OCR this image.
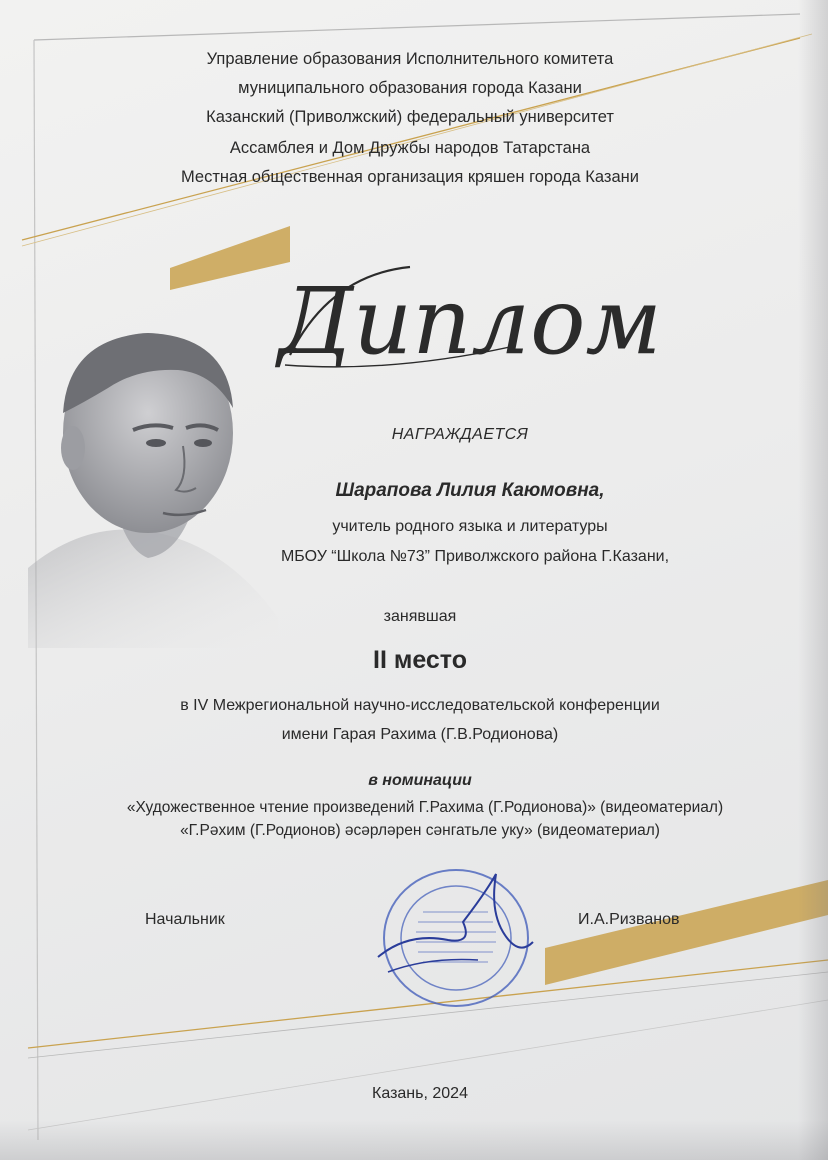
Управление образования Исполнительного комитета
муниципального образования города Казани
Казанский (Приволжский) федеральный университет
Ассамблея и Дом Дружбы народов Татарстана
Местная общественная организация кряшен города Казани
Диплом
НАГРАЖДАЕТСЯ
Шарапова Лилия Каюмовна,
учитель родного языка и литературы
МБОУ “Школа №73” Приволжского района Г.Казани,
занявшая
II место
в IV Межрегиональной научно-исследовательской конференции
имени Гарая Рахима (Г.В.Родионова)
в номинации
«Художественное чтение произведений Г.Рахима (Г.Родионова)» (видеоматериал)
«Г.Рәхим (Г.Родионов) әсәрләрен сәнгатьле уку» (видеоматериал)
Начальник	И.А.Ризванов
Казань, 2024
